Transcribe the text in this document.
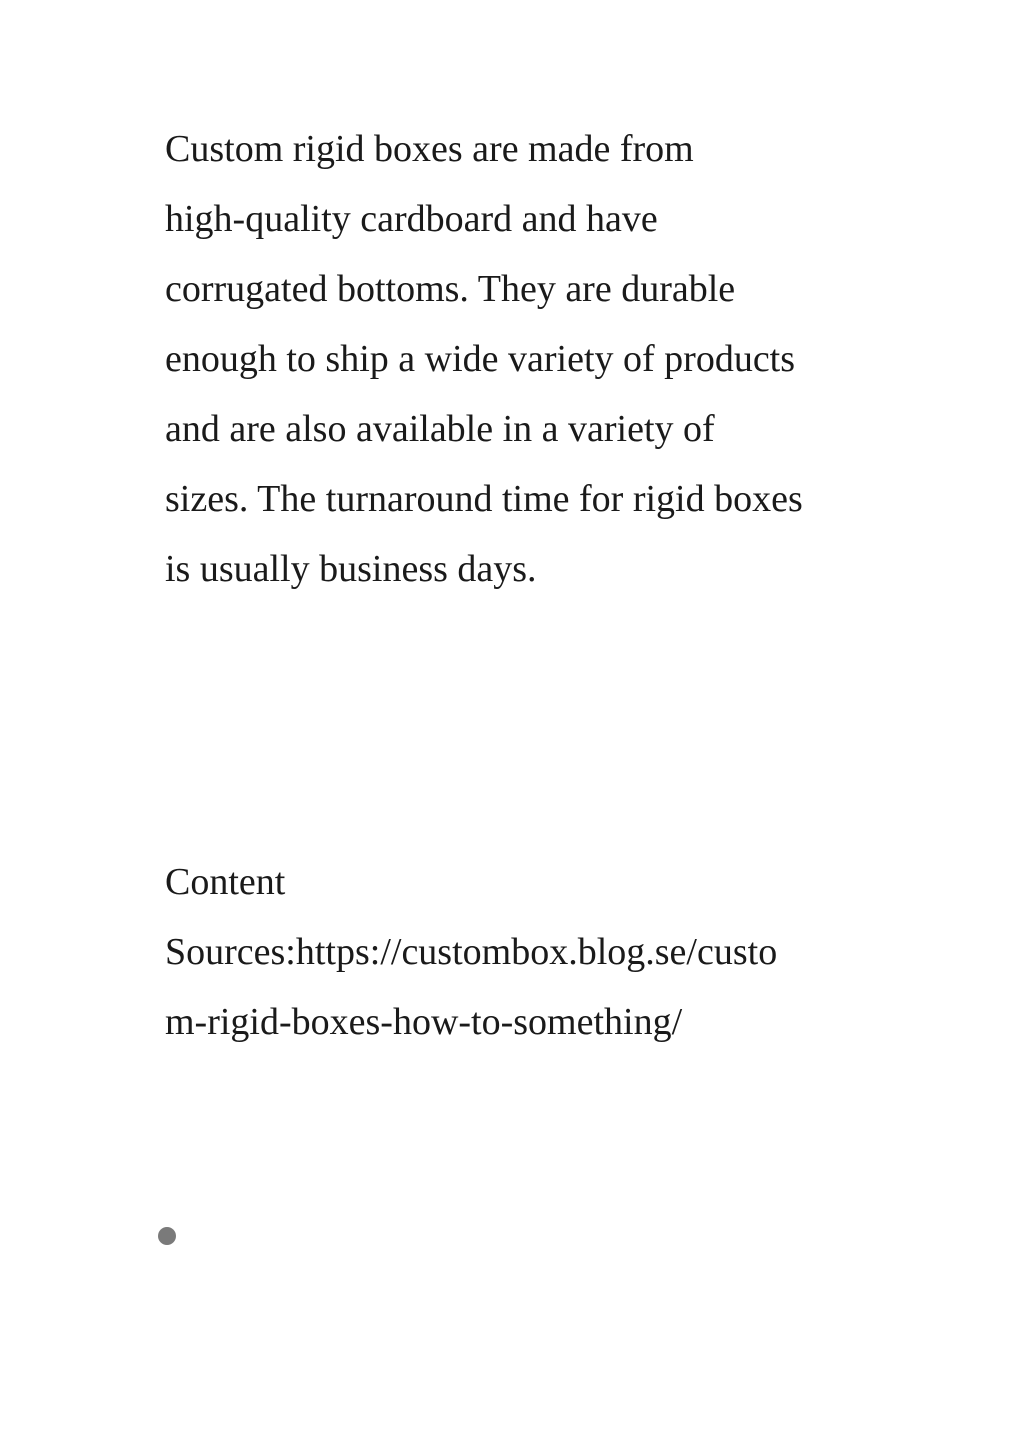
Custom rigid boxes are made from
high-quality cardboard and have
corrugated bottoms. They are durable
enough to ship a wide variety of products
and are also available in a variety of
sizes. The turnaround time for rigid boxes
is usually business days.

Content
Sources:https://custombox.blog.se/custo
m-rigid-boxes-how-to-something/
